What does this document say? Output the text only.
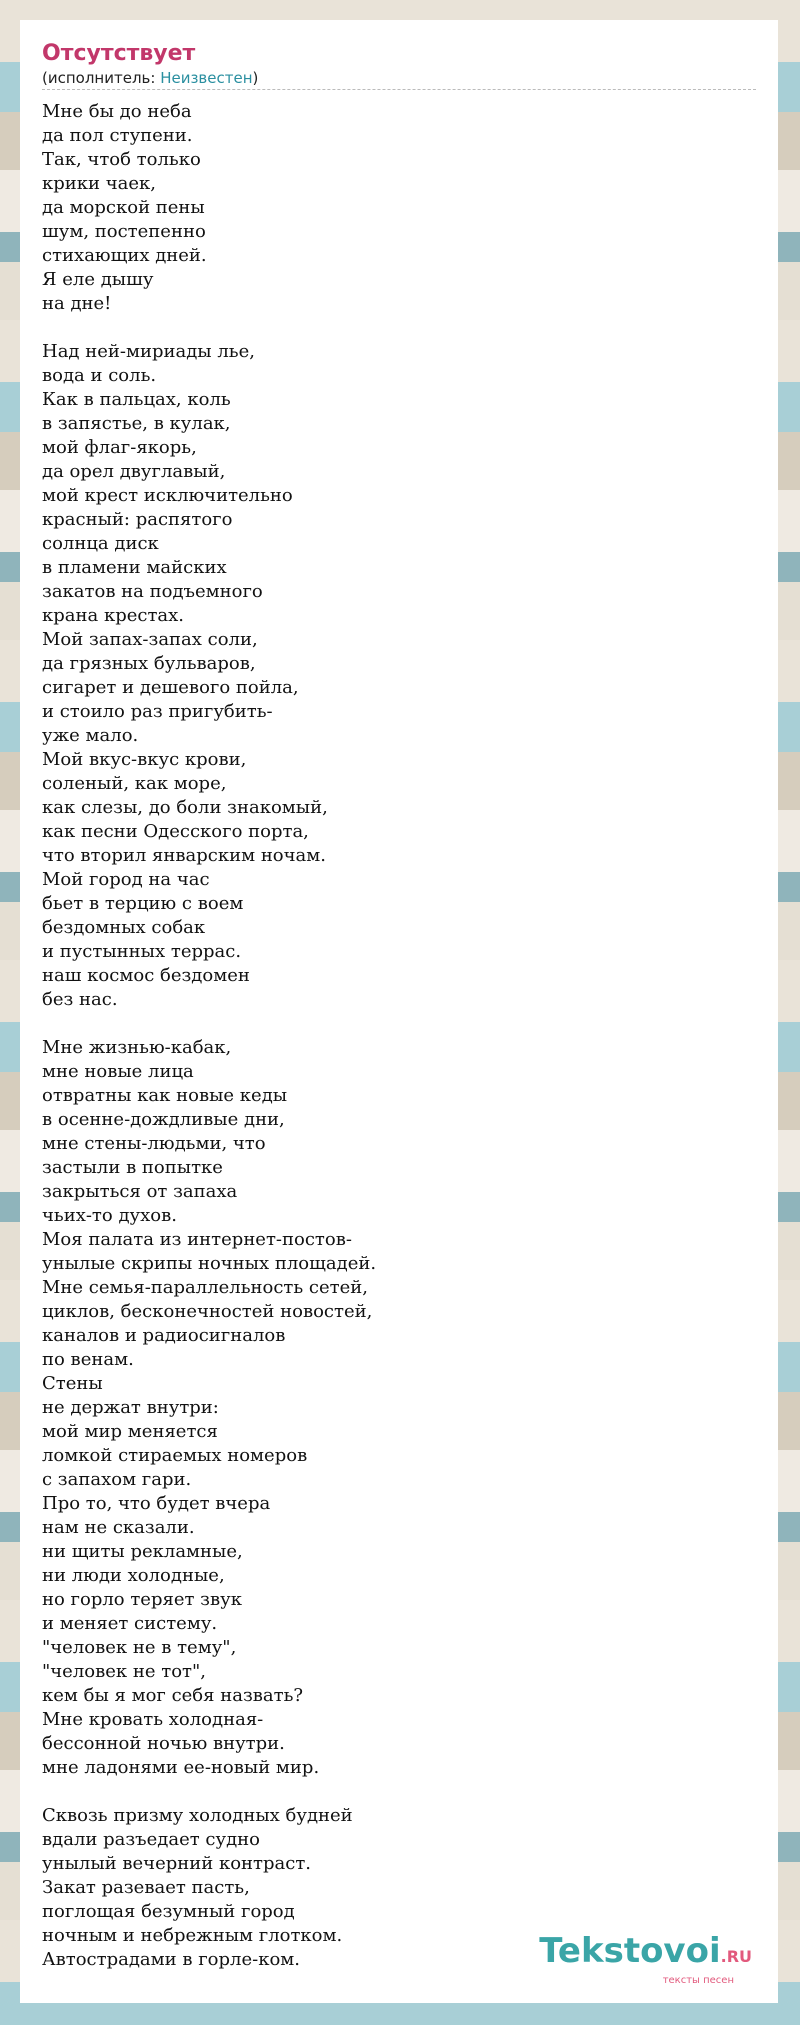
Отсутствует
(исполнитель: Неизвестен)
Мне бы до неба
да пол ступени.
Так, чтоб только
крики чаек,
да морской пены
шум, постепенно
стихающих дней.
Я еле дышу
на дне!
Над ней-мириады лье,
вода и соль.
Как в пальцах, коль
в запястье, в кулак,
мой флаг-якорь,
да орел двуглавый,
мой крест исключительно
красный: распятого
солнца диск
в пламени майских
закатов на подъемного
крана крестах.
Мой запах-запах соли,
да грязных бульваров,
сигарет и дешевого пойла,
и стоило раз пригубить-
уже мало.
Мой вкус-вкус крови,
соленый, как море,
как слезы, до боли знакомый,
как песни Одесского порта,
что вторил январским ночам.
Мой город на час
бьет в терцию с воем
бездомных собак
и пустынных террас.
наш космос бездомен
без нас.
Мне жизнью-кабак,
мне новые лица
отвратны как новые кеды
в осенне-дождливые дни,
мне стены-людьми, что
застыли в попытке
закрыться от запаха
чьих-то духов.
Моя палата из интернет-постов-
унылые скрипы ночных площадей.
Мне семья-параллельность сетей,
циклов, бесконечностей новостей,
каналов и радиосигналов
по венам.
Стены
не держат внутри:
мой мир меняется
ломкой стираемых номеров
с запахом гари.
Про то, что будет вчера
нам не сказали.
ни щиты рекламные,
ни люди холодные,
но горло теряет звук
и меняет систему.
"человек не в тему",
"человек не тот",
кем бы я мог себя назвать?
Мне кровать холодная-
бессонной ночью внутри.
мне ладонями ее-новый мир.
Сквозь призму холодных будней
вдали разъедает судно
унылый вечерний контраст.
Закат разевает пасть,
поглощая безумный город
ночным и небрежным глотком.
Автострадами в горле-ком.	Tekstovoi.RU
тексты песен
